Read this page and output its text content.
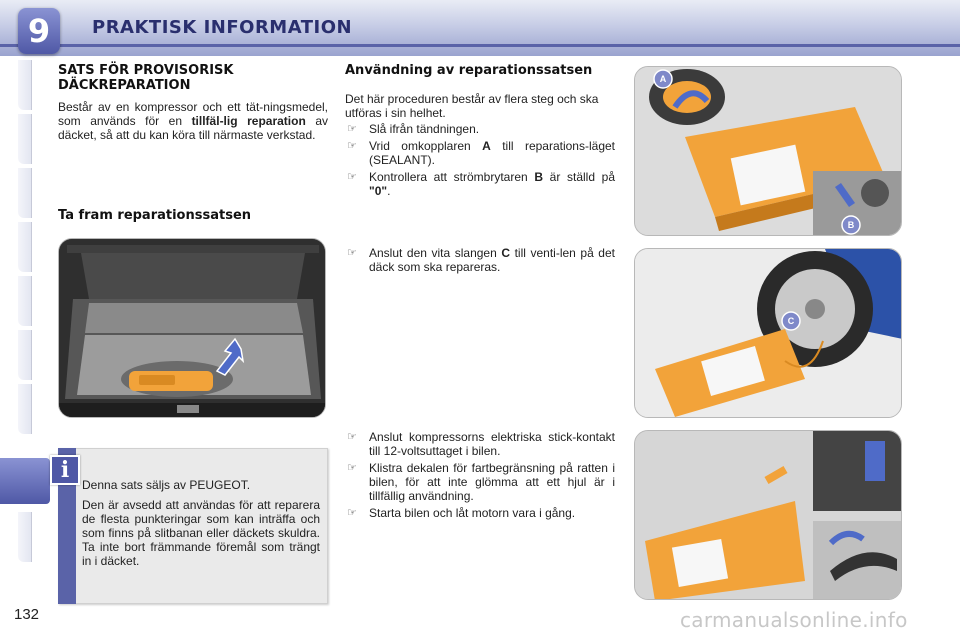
9	PRAKTISK INFORMATION
132
SATS FÖR PROVISORISK DÄCKREPARATION

Består av en kompressor och ett tät-ningsmedel, som används för en tillfäl-lig reparation av däcket, så att du kan köra till närmaste verkstad.

Ta fram reparationssatsen
i

Denna sats säljs av PEUGEOT.

Den är avsedd att användas för att reparera de flesta punkteringar som kan inträffa och som finns på slitbanan eller däckets skuldra. Ta inte bort främmande föremål som trängt in i däcket.

Användning av reparationssatsen

Det här proceduren består av flera steg och ska utföras i sin helhet.

☞ Slå ifrån tändningen.
☞ Vrid omkopplaren A till reparations-läget (SEALANT).
☞ Kontrollera att strömbrytaren B är ställd på "0".
☞ Anslut den vita slangen C till venti-len på det däck som ska repareras.
☞ Anslut kompressorns elektriska stick-kontakt till 12-voltsuttaget i bilen.
☞ Klistra dekalen för fartbegränsning på ratten i bilen, för att inte glömma att ett hjul är i tillfällig användning.
☞ Starta bilen och låt motorn vara i gång.
A
B
C
carmanualsonline.info
